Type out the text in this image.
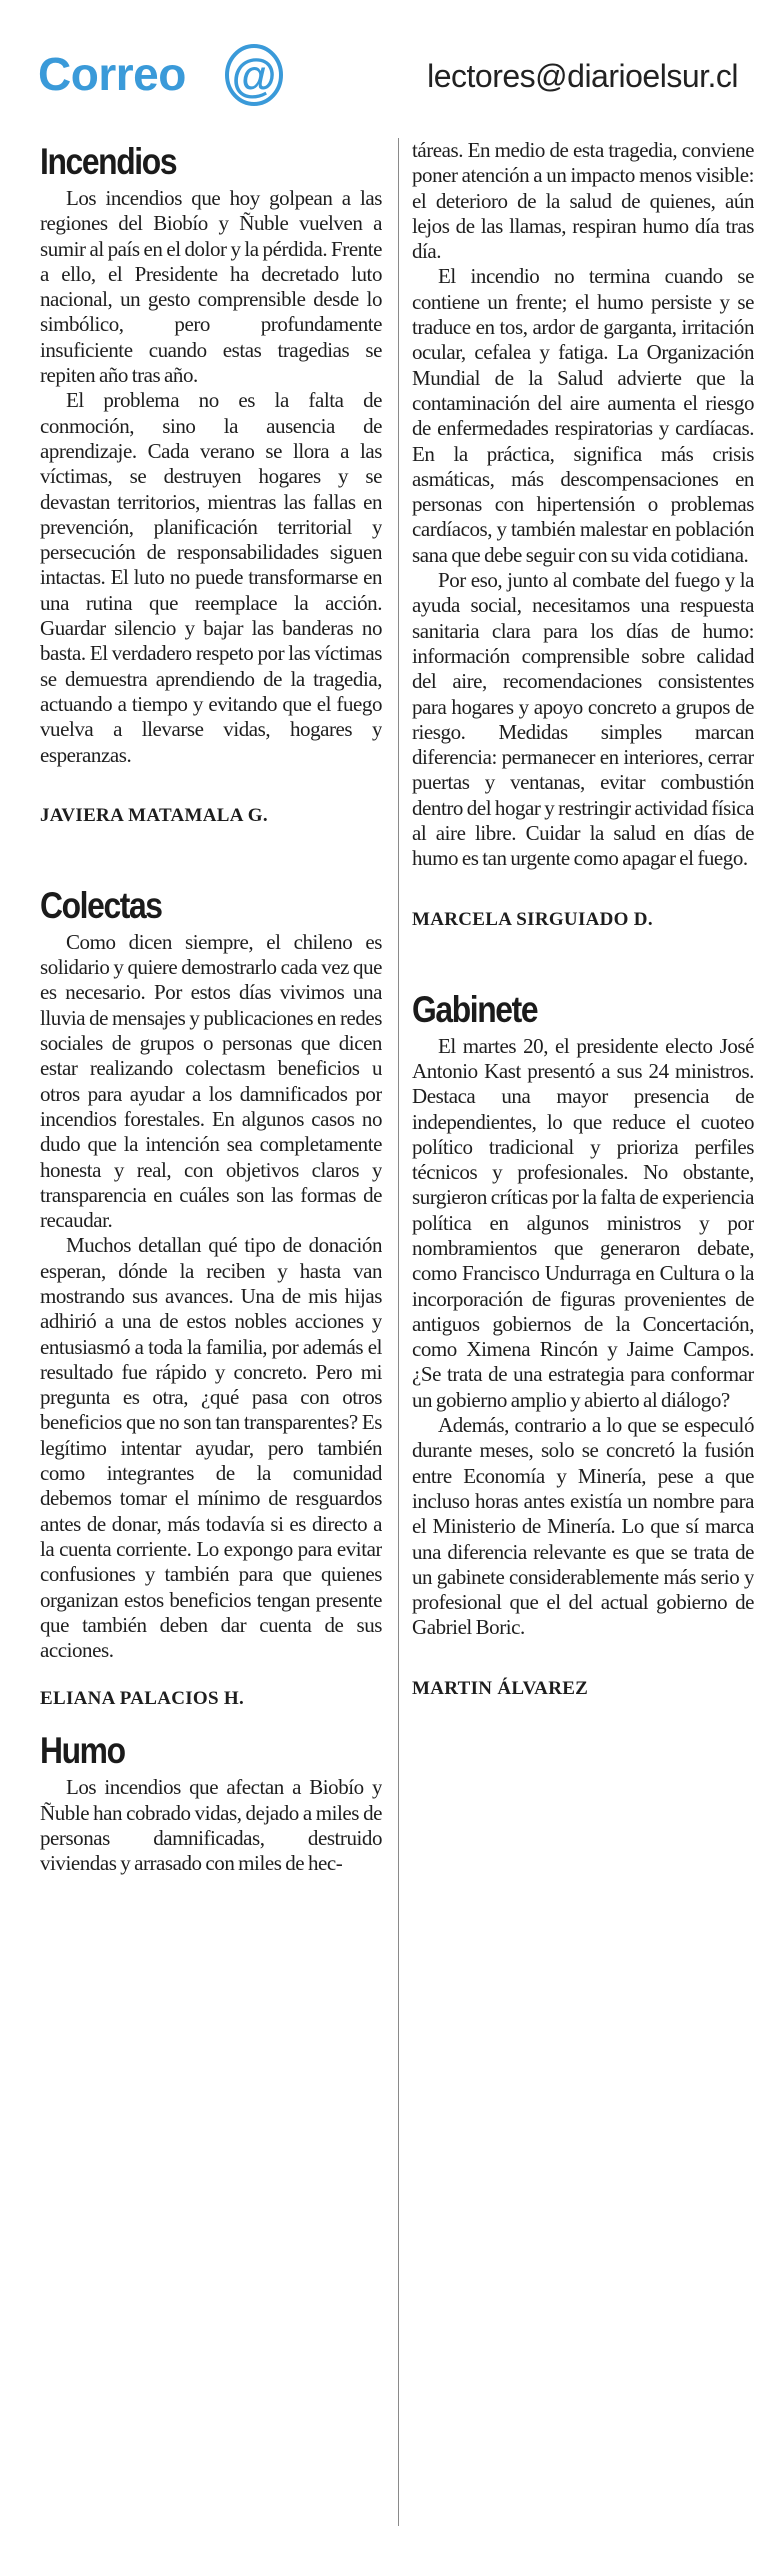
Correo @	lectores@diarioelsur.cl
Incendios

Los incendios que hoy golpean a las regiones del Biobío y Ñuble vuelven a sumir al país en el dolor y la pérdida. Frente a ello, el Presidente ha decretado luto nacional, un gesto comprensible desde lo simbólico, pero profundamente insuficiente cuando estas tragedias se repiten año tras año.

El problema no es la falta de conmoción, sino la ausencia de aprendizaje. Cada verano se llora a las víctimas, se destruyen hogares y se devastan territorios, mientras las fallas en prevención, planificación territorial y persecución de responsabilidades siguen intactas. El luto no puede transformarse en una rutina que reemplace la acción. Guardar silencio y bajar las banderas no basta. El verdadero respeto por las víctimas se demuestra aprendiendo de la tragedia, actuando a tiempo y evitando que el fuego vuelva a llevarse vidas, hogares y esperanzas.

JAVIERA MATAMALA G.
Colectas

Como dicen siempre, el chileno es solidario y quiere demostrarlo cada vez que es necesario. Por estos días vivimos una lluvia de mensajes y publicaciones en redes sociales de grupos o personas que dicen estar realizando colectasm beneficios u otros para ayudar a los damnificados por incendios forestales. En algunos casos no dudo que la intención sea completamente honesta y real, con objetivos claros y transparencia en cuáles son las formas de recaudar.

Muchos detallan qué tipo de donación esperan, dónde la reciben y hasta van mostrando sus avances. Una de mis hijas adhirió a una de estos nobles acciones y entusiasmó a toda la familia, por además el resultado fue rápido y concreto. Pero mi pregunta es otra, ¿qué pasa con otros beneficios que no son tan transparentes? Es legítimo intentar ayudar, pero también como integrantes de la comunidad debemos tomar el mínimo de resguardos antes de donar, más todavía si es directo a la cuenta corriente. Lo expongo para evitar confusiones y también para que quienes organizan estos beneficios tengan presente que también deben dar cuenta de sus acciones.

ELIANA PALACIOS H.
Humo

Los incendios que afectan a Biobío y Ñuble han cobrado vidas, dejado a miles de personas damnificadas, destruido viviendas y arrasado con miles de hec-

táreas. En medio de esta tragedia, conviene poner atención a un impacto menos visible: el deterioro de la salud de quienes, aún lejos de las llamas, respiran humo día tras día.

El incendio no termina cuando se contiene un frente; el humo persiste y se traduce en tos, ardor de garganta, irritación ocular, cefalea y fatiga. La Organización Mundial de la Salud advierte que la contaminación del aire aumenta el riesgo de enfermedades respiratorias y cardíacas. En la práctica, significa más crisis asmáticas, más descompensaciones en personas con hipertensión o problemas cardíacos, y también malestar en población sana que debe seguir con su vida cotidiana.

Por eso, junto al combate del fuego y la ayuda social, necesitamos una respuesta sanitaria clara para los días de humo: información comprensible sobre calidad del aire, recomendaciones consistentes para hogares y apoyo concreto a grupos de riesgo. Medidas simples marcan diferencia: permanecer en interiores, cerrar puertas y ventanas, evitar combustión dentro del hogar y restringir actividad física al aire libre. Cuidar la salud en días de humo es tan urgente como apagar el fuego.

MARCELA SIRGUIADO D.
Gabinete

El martes 20, el presidente electo José Antonio Kast presentó a sus 24 ministros. Destaca una mayor presencia de independientes, lo que reduce el cuoteo político tradicional y prioriza perfiles técnicos y profesionales. No obstante, surgieron críticas por la falta de experiencia política en algunos ministros y por nombramientos que generaron debate, como Francisco Undurraga en Cultura o la incorporación de figuras provenientes de antiguos gobiernos de la Concertación, como Ximena Rincón y Jaime Campos. ¿Se trata de una estrategia para conformar un gobierno amplio y abierto al diálogo?

Además, contrario a lo que se especuló durante meses, solo se concretó la fusión entre Economía y Minería, pese a que incluso horas antes existía un nombre para el Ministerio de Minería. Lo que sí marca una diferencia relevante es que se trata de un gabinete considerablemente más serio y profesional que el del actual gobierno de Gabriel Boric.

MARTIN ÁLVAREZ
